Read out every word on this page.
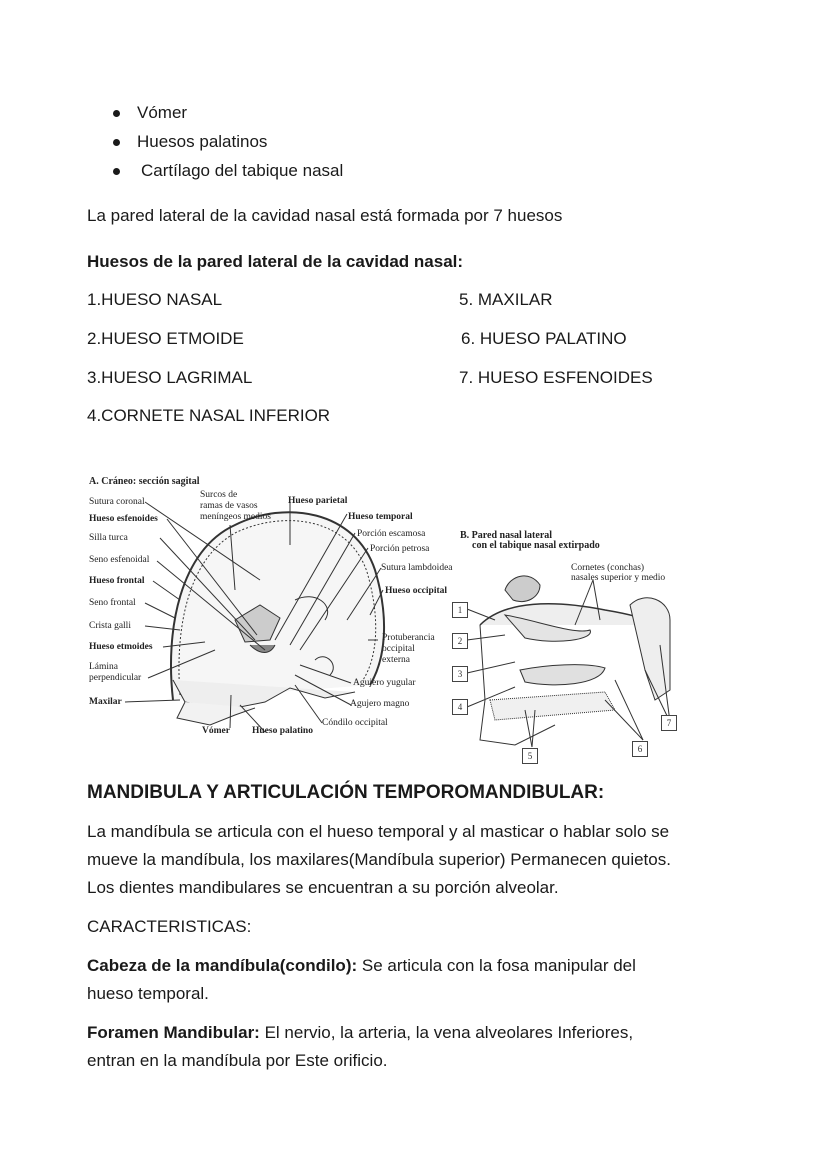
Vómer
Huesos palatinos
Cartílago del tabique nasal

La pared lateral de la cavidad nasal está formada por 7 huesos

Huesos de la pared lateral de la cavidad nasal:

1.HUESO NASAL
2.HUESO ETMOIDE
3.HUESO LAGRIMAL
4.CORNETE NASAL INFERIOR
5. MAXILAR
6. HUESO PALATINO
7. HUESO ESFENOIDES
A. Cráneo: sección sagital
Sutura coronal
Hueso esfenoides
Silla turca
Seno esfenoidal
Hueso frontal
Seno frontal
Crista galli
Hueso etmoides
Lámina
perpendicular
Maxilar
Surcos de
ramas de vasos
meníngeos medios
Hueso parietal
Hueso temporal
Porción escamosa
Porción petrosa
Sutura lambdoidea
Hueso occipital
Protuberancia
occipital
externa
Agujero yugular
Agujero magno
Cóndilo occipital
Vómer Hueso palatino
B. Pared nasal lateral
con el tabique nasal extirpado
Cornetes (conchas)
nasales superior y medio
1
2
3
4
5
6
7
MANDIBULA Y ARTICULACIÓN TEMPOROMANDIBULAR:
La mandíbula se articula con el hueso temporal y al masticar o hablar solo se
mueve la mandíbula, los maxilares(Mandíbula superior) Permanecen quietos.
Los dientes mandibulares se encuentran a su porción alveolar.

CARACTERISTICAS:

Cabeza de la mandíbula(condilo): Se articula con la fosa manipular del
hueso temporal.
Foramen Mandibular: El nervio, la arteria, la vena alveolares Inferiores,
entran en la mandíbula por Este orificio.
